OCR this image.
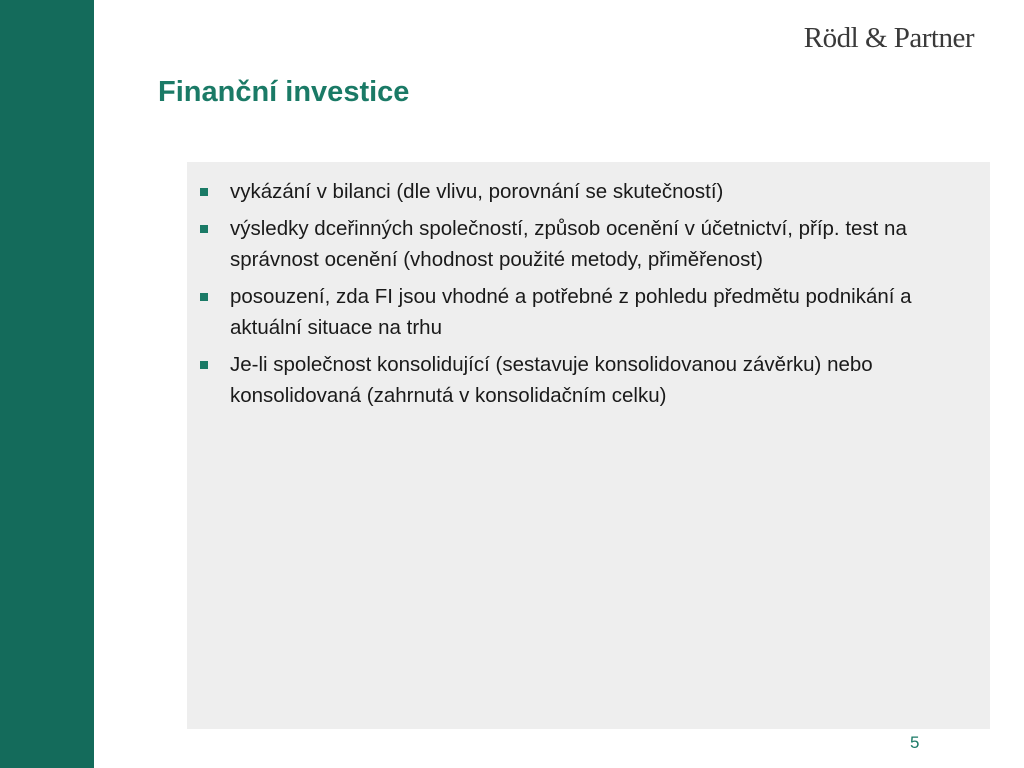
Rödl & Partner
Finanční investice
vykázání v bilanci (dle vlivu, porovnání se skutečností)
výsledky dceřinných společností, způsob ocenění v účetnictví, příp. test na správnost ocenění (vhodnost použité metody, přiměřenost)
posouzení, zda FI jsou vhodné a potřebné z pohledu předmětu podnikání a aktuální situace na trhu
Je-li společnost konsolidující (sestavuje konsolidovanou závěrku) nebo konsolidovaná (zahrnutá v konsolidačním celku)
5
